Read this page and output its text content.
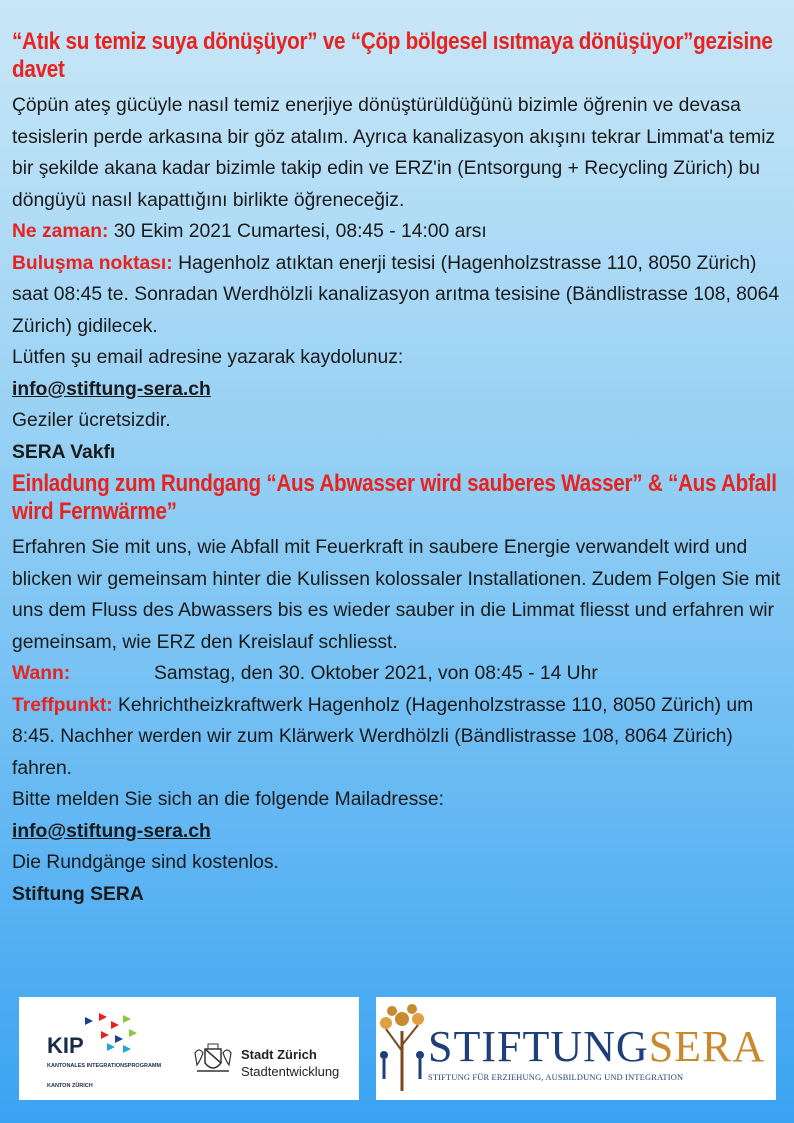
“Atık su temiz suya dönüşüyor” ve “Çöp bölgesel ısıtmaya dönüşüyor”gezisine davet

Çöpün ateş gücüyle nasıl temiz enerjiye dönüştürüldüğünü bizimle öğrenin ve devasa tesislerin perde arkasına bir göz atalım. Ayrıca kanalizasyon akışını tekrar Limmat'a temiz bir şekilde akana kadar bizimle takip edin ve ERZ'in (Entsorgung + Recycling Zürich) bu döngüyü nasıl kapattığını birlikte öğreneceğiz.

Ne zaman: 30 Ekim 2021 Cumartesi, 08:45 - 14:00 arsı

Buluşma noktası: Hagenholz atıktan enerji tesisi (Hagenholzstrasse 110, 8050 Zürich) saat 08:45 te. Sonradan Werdhölzli kanalizasyon arıtma tesisine (Bändlistrasse 108, 8064 Zürich) gidilecek.

Lütfen şu email adresine yazarak kaydolunuz:

info@stiftung-sera.ch

Geziler ücretsizdir.

SERA Vakfı

Einladung zum Rundgang “Aus Abwasser wird sauberes Wasser” & “Aus Abfall wird Fernwärme”

Erfahren Sie mit uns, wie Abfall mit Feuerkraft in saubere Energie verwandelt wird und blicken wir gemeinsam hinter die Kulissen kolossaler Installationen. Zudem Folgen Sie mit uns dem Fluss des Abwassers bis es wieder sauber in die Limmat fliesst und erfahren wir gemeinsam, wie ERZ den Kreislauf schliesst.

Wann:	Samstag, den 30. Oktober 2021, von 08:45 - 14 Uhr

Treffpunkt: Kehrichtheizkraftwerk Hagenholz (Hagenholzstrasse 110, 8050 Zürich) um 8:45. Nachher werden wir zum Klärwerk Werdhölzli (Bändlistrasse 108, 8064 Zürich) fahren.

Bitte melden Sie sich an die folgende Mailadresse:

info@stiftung-sera.ch

Die Rundgänge sind kostenlos.

Stiftung SERA

KIP
KANTONALES INTEGRATIONSPROGRAMM
KANTON ZÜRICH
Stadt Zürich
Stadtentwicklung
STIFTUNGSERA
STIFTUNG FÜR ERZIEHUNG, AUSBILDUNG UND INTEGRATION
